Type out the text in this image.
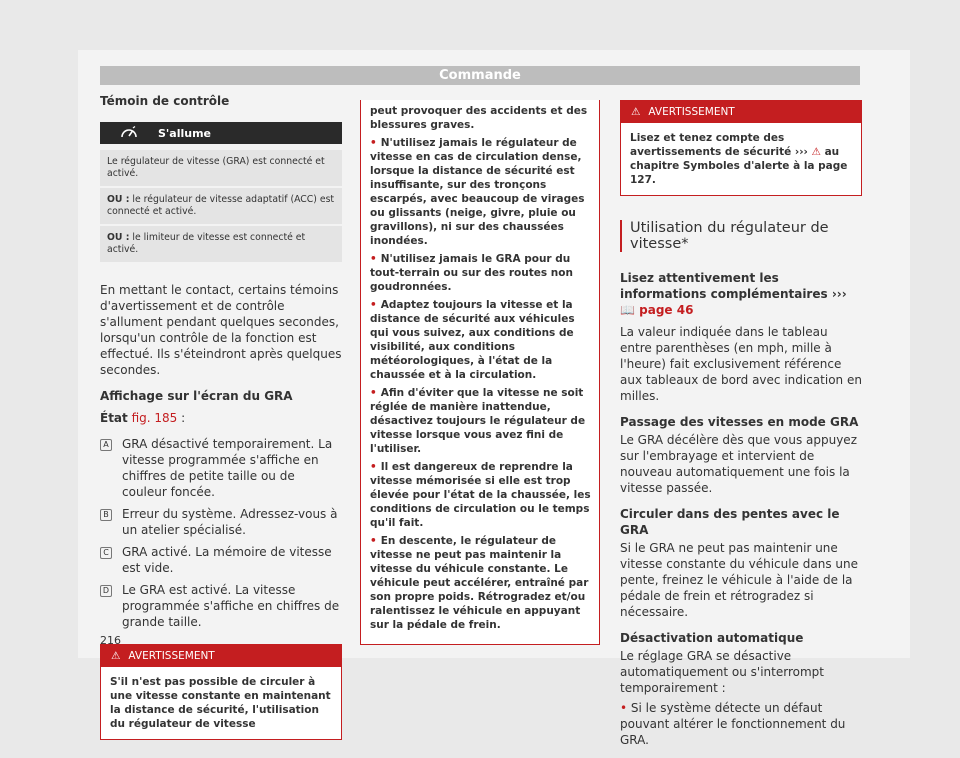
Commande
Témoin de contrôle
S'allume
Le régulateur de vitesse (GRA) est connecté et activé.
OU : le régulateur de vitesse adaptatif (ACC) est connecté et activé.
OU : le limiteur de vitesse est connecté et activé.

En mettant le contact, certains témoins d'avertissement et de contrôle s'allument pendant quelques secondes, lorsqu'un contrôle de la fonction est effectué. Ils s'éteindront après quelques secondes.

Affichage sur l'écran du GRA

État fig. 185 :

A GRA désactivé temporairement. La vitesse programmée s'affiche en chiffres de petite taille ou de couleur foncée.
B Erreur du système. Adressez-vous à un atelier spécialisé.
C GRA activé. La mémoire de vitesse est vide.
D Le GRA est activé. La vitesse programmée s'affiche en chiffres de grande taille.
⚠ AVERTISSEMENT
S'il n'est pas possible de circuler à une vitesse constante en maintenant la distance de sécurité, l'utilisation du régulateur de vitesse
peut provoquer des accidents et des blessures graves.
• N'utilisez jamais le régulateur de vitesse en cas de circulation dense, lorsque la distance de sécurité est insuffisante, sur des tronçons escarpés, avec beaucoup de virages ou glissants (neige, givre, pluie ou gravillons), ni sur des chaussées inondées.
• N'utilisez jamais le GRA pour du tout-terrain ou sur des routes non goudronnées.
• Adaptez toujours la vitesse et la distance de sécurité aux véhicules qui vous suivez, aux conditions de visibilité, aux conditions météorologiques, à l'état de la chaussée et à la circulation.
• Afin d'éviter que la vitesse ne soit réglée de manière inattendue, désactivez toujours le régulateur de vitesse lorsque vous avez fini de l'utiliser.
• Il est dangereux de reprendre la vitesse mémorisée si elle est trop élevée pour l'état de la chaussée, les conditions de circulation ou le temps qu'il fait.
• En descente, le régulateur de vitesse ne peut pas maintenir la vitesse du véhicule constante. Le véhicule peut accélérer, entraîné par son propre poids. Rétrogradez et/ou ralentissez le véhicule en appuyant sur la pédale de frein.
⚠ AVERTISSEMENT
Lisez et tenez compte des avertissements de sécurité ››› ⚠ au chapitre Symboles d'alerte à la page 127.
Utilisation du régulateur de vitesse*

Lisez attentivement les informations complémentaires ››› 📖 page 46

La valeur indiquée dans le tableau entre parenthèses (en mph, mille à l'heure) fait exclusivement référence aux tableaux de bord avec indication en milles.

Passage des vitesses en mode GRA

Le GRA décélère dès que vous appuyez sur l'embrayage et intervient de nouveau automatiquement une fois la vitesse passée.

Circuler dans des pentes avec le GRA

Si le GRA ne peut pas maintenir une vitesse constante du véhicule dans une pente, freinez le véhicule à l'aide de la pédale de frein et rétrogradez si nécessaire.

Désactivation automatique

Le réglage GRA se désactive automatiquement ou s'interrompt temporairement :

• Si le système détecte un défaut pouvant altérer le fonctionnement du GRA.

216
